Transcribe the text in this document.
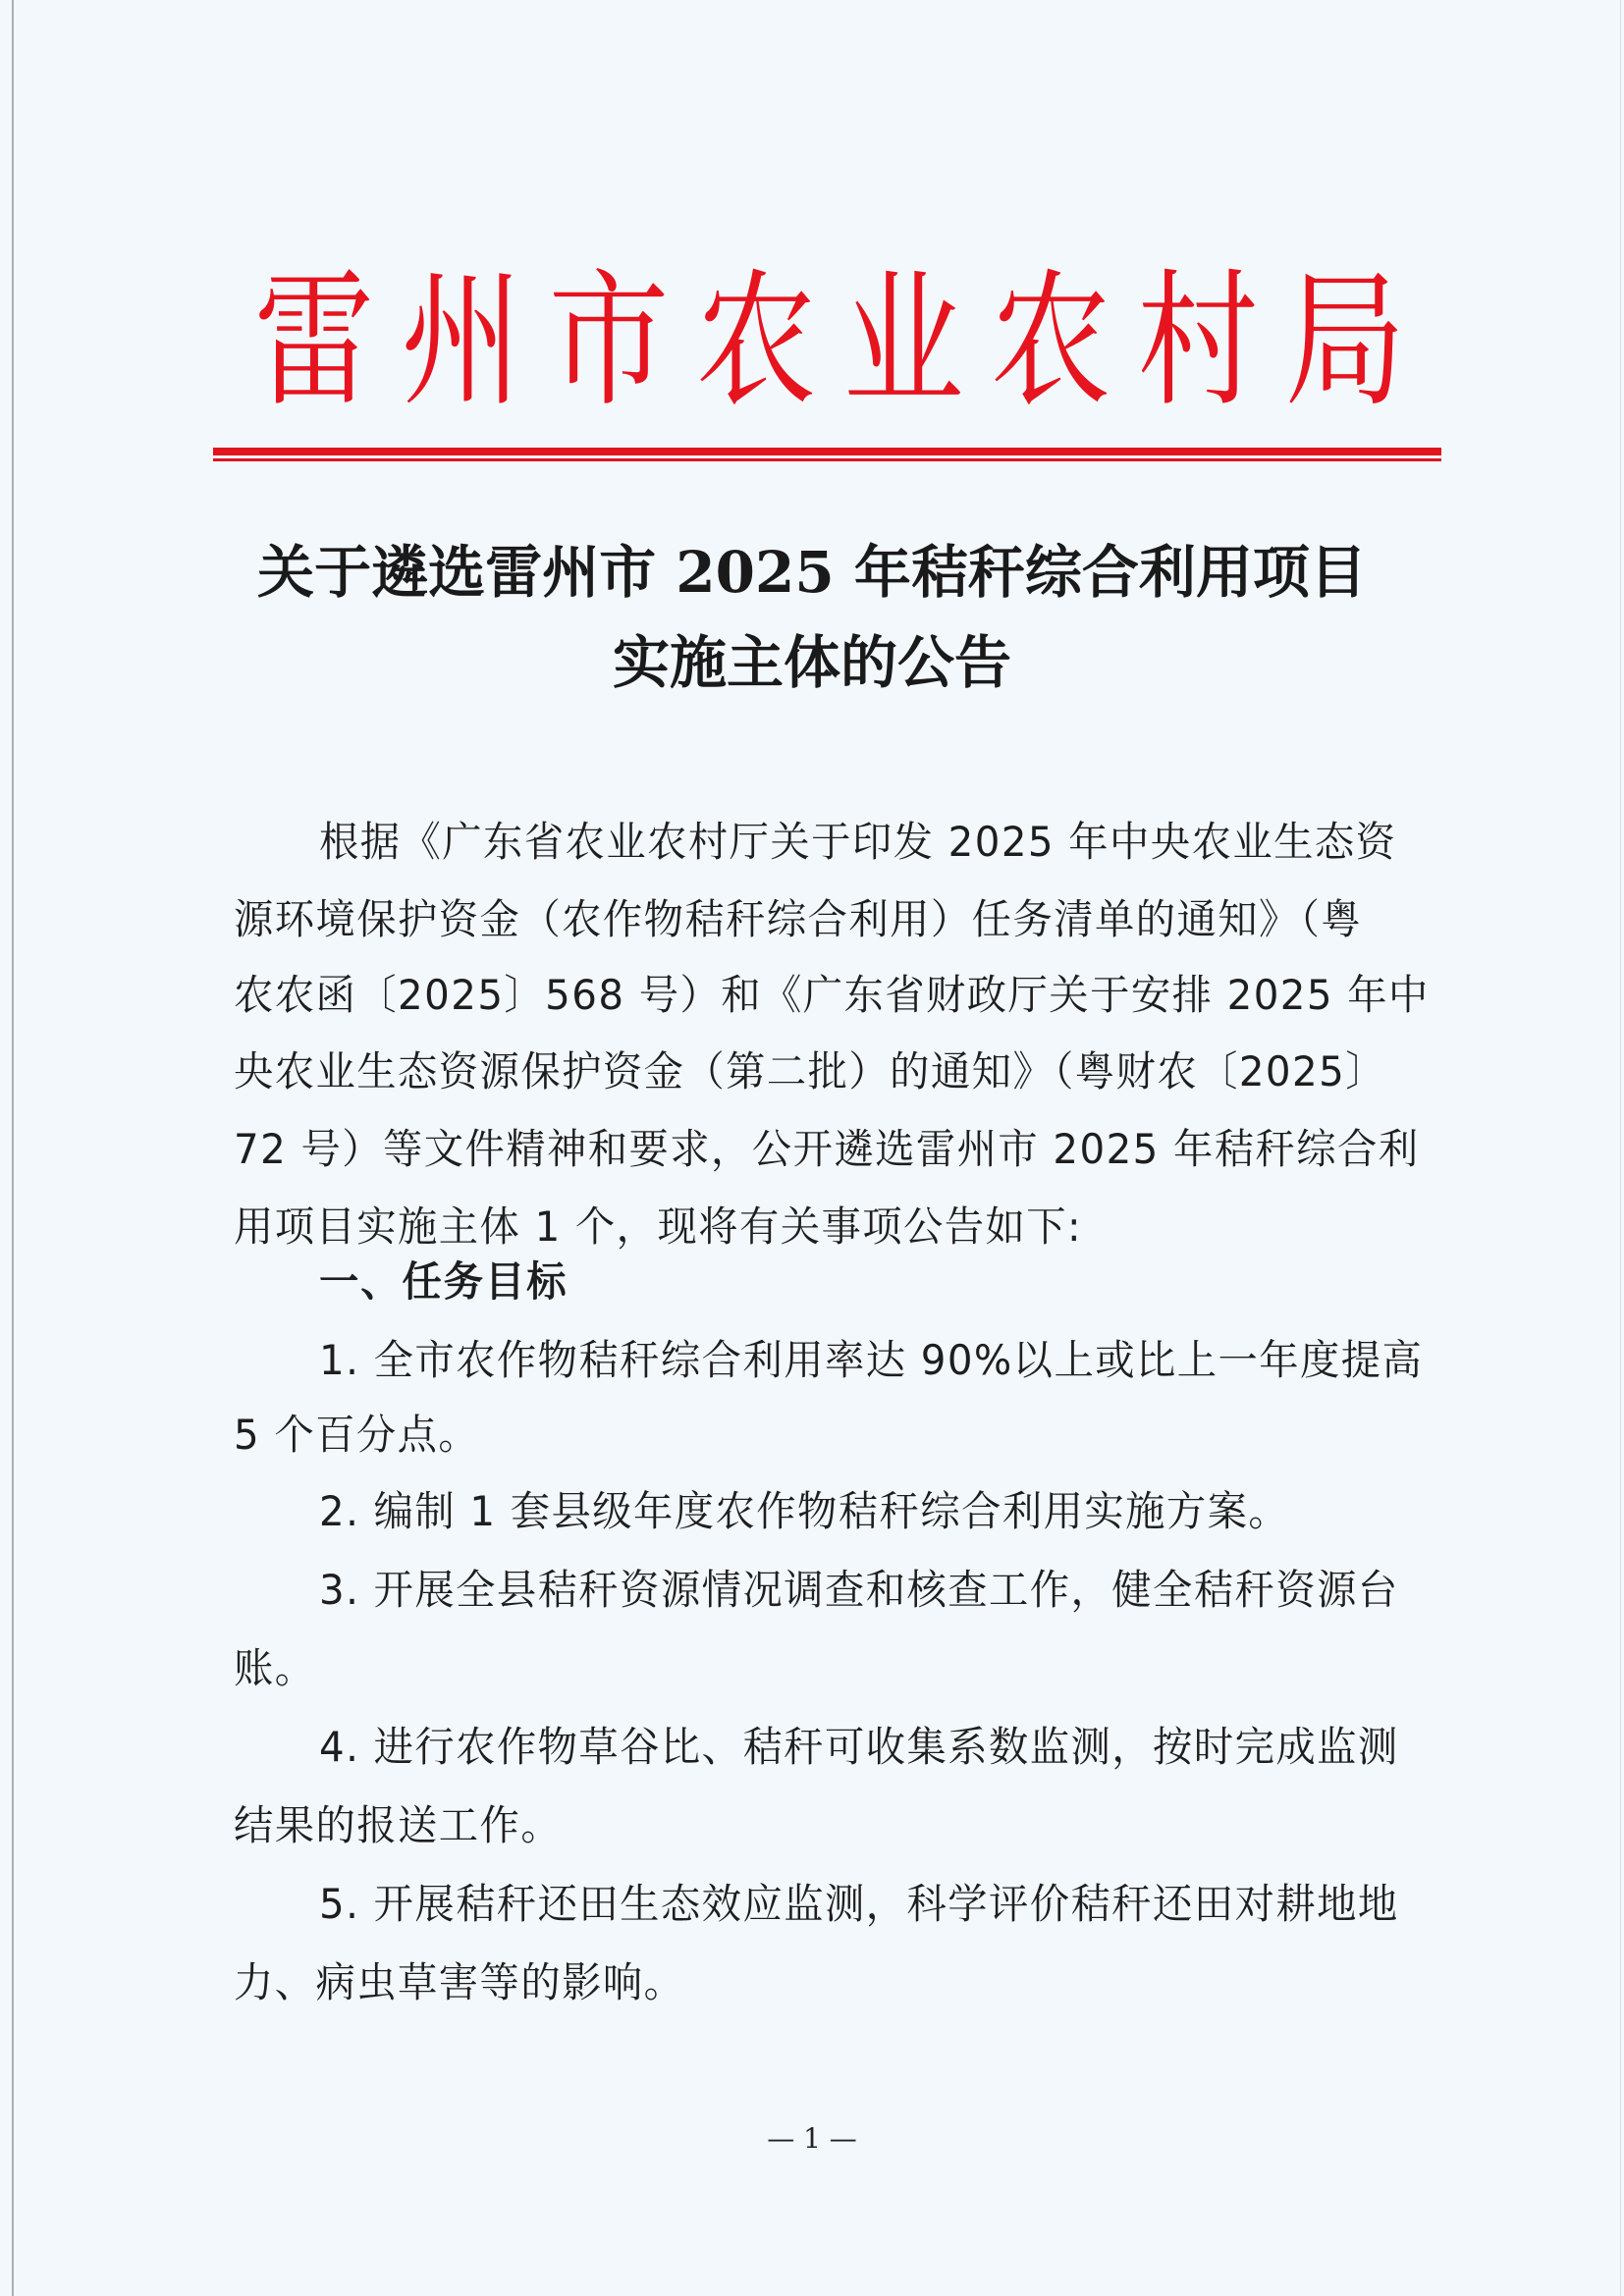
雷 州 市 农 业 农 村 局
关于遴选雷州市 2025 年秸秆综合利用项目
实施主体的公告
根据《广东省农业农村厅关于印发 2025 年中央农业生态资
源环境保护资金（农作物秸秆综合利用）任务清单的通知》（粤
农农函〔2025〕568 号）和《广东省财政厅关于安排 2025 年中
央农业生态资源保护资金（第二批）的通知》（粤财农〔2025〕
72 号）等文件精神和要求，公开遴选雷州市 2025 年秸秆综合利
用项目实施主体 1 个，现将有关事项公告如下:
一、任务目标
1. 全市农作物秸秆综合利用率达 90%以上或比上一年度提高
5 个百分点。
2. 编制 1 套县级年度农作物秸秆综合利用实施方案。
3. 开展全县秸秆资源情况调查和核查工作，健全秸秆资源台
账。
4. 进行农作物草谷比、秸秆可收集系数监测，按时完成监测
结果的报送工作。
5. 开展秸秆还田生态效应监测，科学评价秸秆还田对耕地地
力、病虫草害等的影响。
— 1 —
